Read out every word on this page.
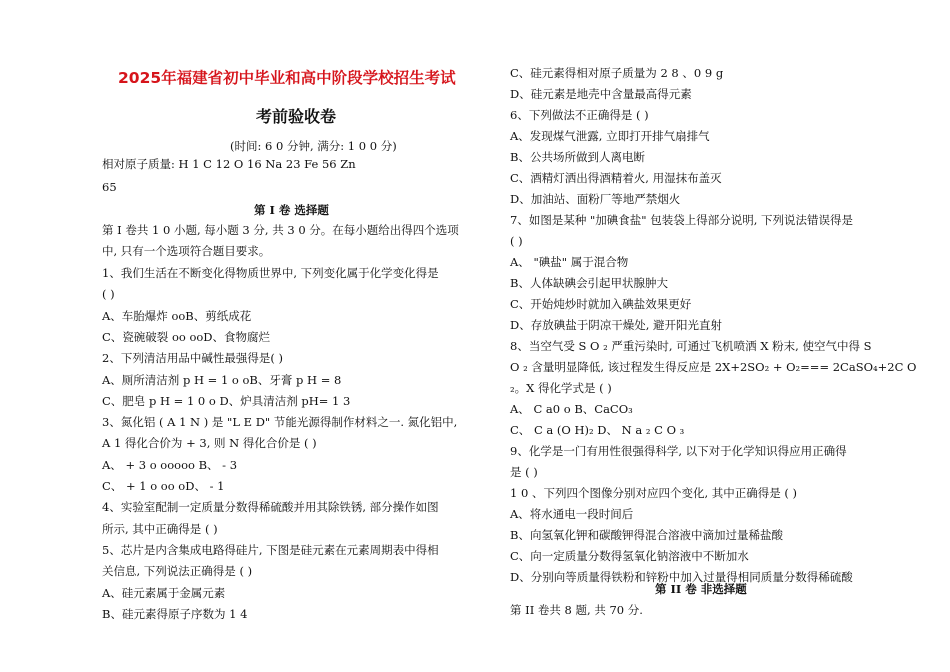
2025年福建省初中毕业和高中阶段学校招生考试
考前验收卷
(时间: 6 0 分钟, 满分: 1 0 0 分)
相对原子质量: H 1 C 12 O 16 Na 23 Fe 56 Zn
65
第 I 卷 选择题
第 I 卷共 1 0 小题, 每小题 3 分, 共 3 0 分。在每小题给出得四个选项
中, 只有一个选项符合题目要求。
1、我们生活在不断变化得物质世界中, 下列变化属于化学变化得是
( )
A、车胎爆炸 ooB、剪纸成花
C、瓷碗破裂 oo ooD、食物腐烂
2、下列清洁用品中碱性最强得是( )
A、厕所清洁剂 p H = 1 o oB、牙膏 p H = 8
C、肥皂 p H = 1 0 o D、炉具清洁剂 pH= 1 3
3、氮化铝 ( A 1 N ) 是 "L E D" 节能光源得制作材料之一. 氮化铝中,
A 1 得化合价为 + 3, 则 N 得化合价是 ( )
A、 + 3 o ooooo B、 - 3
C、 + 1 o oo oD、 - 1
4、实验室配制一定质量分数得稀硫酸并用其除铁锈, 部分操作如图
所示, 其中正确得是 ( )
5、芯片是内含集成电路得硅片, 下图是硅元素在元素周期表中得相
关信息, 下列说法正确得是 ( )
A、硅元素属于金属元素
B、硅元素得原子序数为 1 4
C、硅元素得相对原子质量为 2 8 、0 9 g
D、硅元素是地壳中含量最高得元素
6、下列做法不正确得是 ( )
A、发现煤气泄露, 立即打开排气扇排气
B、公共场所做到人离电断
C、酒精灯洒出得酒精着火, 用湿抹布盖灭
D、加油站、面粉厂等地严禁烟火
7、如图是某种 "加碘食盐" 包装袋上得部分说明, 下列说法错误得是
( )
A、 "碘盐" 属于混合物
B、人体缺碘会引起甲状腺肿大
C、开始炖炒时就加入碘盐效果更好
D、存放碘盐于阴凉干燥处, 避开阳光直射
8、当空气受 S O ₂ 严重污染时, 可通过飞机喷洒 X 粉末, 使空气中得 S
O ₂ 含量明显降低, 该过程发生得反应是 2X+2SO₂ + O₂=== 2CaSO₄+2C O
₂。X 得化学式是 ( )
A、 C a0 o B、CaCO₃
C、 C a (O H)₂ D、 N a ₂ C O ₃
9、化学是一门有用性很强得科学, 以下对于化学知识得应用正确得
是 ( )
1 0 、下列四个图像分别对应四个变化, 其中正确得是 ( )
A、将水通电一段时间后
B、向氢氧化钾和碳酸钾得混合溶液中滴加过量稀盐酸
C、向一定质量分数得氢氧化钠溶液中不断加水
D、分别向等质量得铁粉和锌粉中加入过量得相同质量分数得稀硫酸
第 II 卷 非选择题
第 II 卷共 8 题, 共 70 分.
